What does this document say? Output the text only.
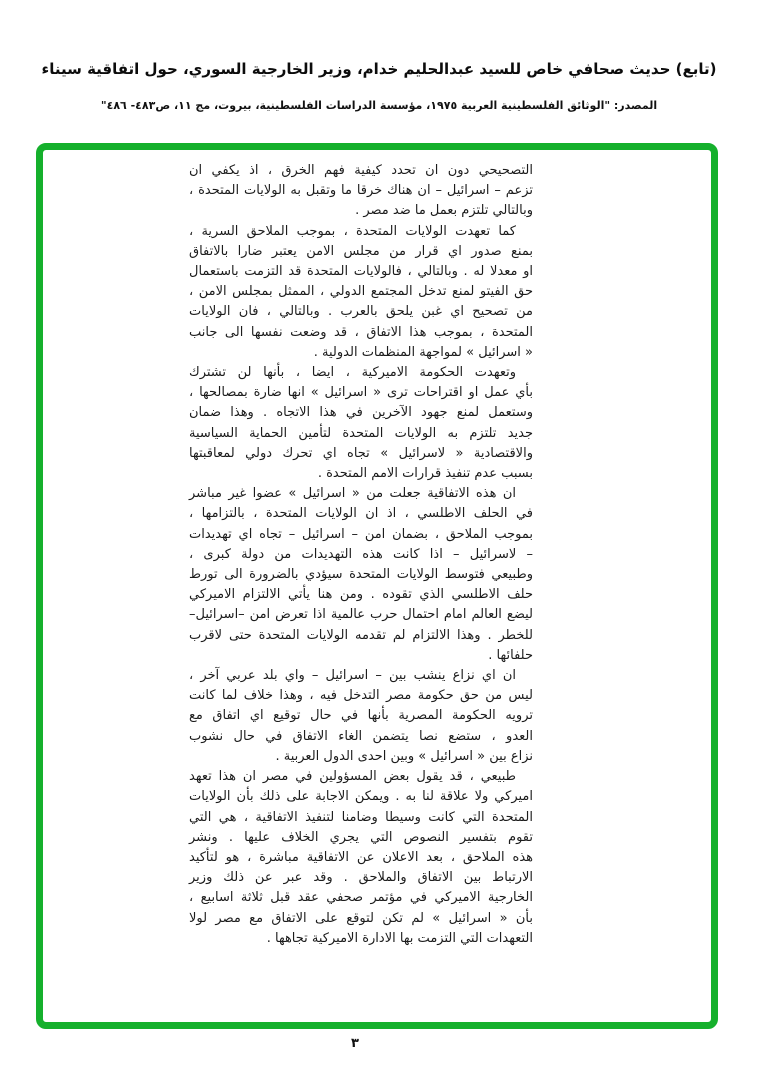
(تابع) حديث صحافي خاص للسيد عبدالحليم خدام، وزير الخارجية السوري، حول اتفاقية سيناء
المصدر: "الوثائق الفلسطينية العربية ١٩٧٥، مؤسسة الدراسات الفلسطينية، بيروت، مج ١١، ص٤٨٣- ٤٨٦"
التصحيحي دون ان تحدد كيفية فهم الخرق ، اذ يكفي ان
تزعم – اسرائيل – ان هناك خرقا ما وتقبل به الولايات المتحدة ،
وبالتالي تلتزم بعمل ما ضد مصر .
كما تعهدت الولايات المتحدة ، بموجب الملاحق السرية ،
بمنع صدور اي قرار من مجلس الامن يعتبر ضارا بالاتفاق
او معدلا له . وبالتالي ، فالولايات المتحدة قد التزمت باستعمال
حق الفيتو لمنع تدخل المجتمع الدولي ، الممثل بمجلس الامن ،
من تصحيح اي غبن يلحق بالعرب . وبالتالي ، فان الولايات
المتحدة ، بموجب هذا الاتفاق ، قد وضعت نفسها الى جانب
« اسرائيل » لمواجهة المنظمات الدولية .
وتعهدت الحكومة الاميركية ، ايضا ، بأنها لن تشترك
بأي عمل او اقتراحات ترى « اسرائيل » انها ضارة بمصالحها ،
وستعمل لمنع جهود الآخرين في هذا الاتجاه . وهذا ضمان
جديد تلتزم به الولايات المتحدة لتأمين الحماية السياسية
والاقتصادية « لاسرائيل » تجاه اي تحرك دولي لمعاقبتها
بسبب عدم تنفيذ قرارات الامم المتحدة .
ان هذه الاتفاقية جعلت من « اسرائيل » عضوا غير مباشر
في الحلف الاطلسي ، اذ ان الولايات المتحدة ، بالتزامها ،
بموجب الملاحق ، بضمان امن – اسرائيل – تجاه اي تهديدات
– لاسرائيل – اذا كانت هذه التهديدات من دولة كبرى ،
وطبيعي فتوسط الولايات المتحدة سيؤدي بالضرورة الى تورط
حلف الاطلسي الذي تقوده . ومن هنا يأتي الالتزام الاميركي
ليضع العالم امام احتمال حرب عالمية اذا تعرض امن –اسرائيل–
للخطر . وهذا الالتزام لم تقدمه الولايات المتحدة حتى لاقرب
حلفائها .
ان اي نزاع ينشب بين – اسرائيل – واي بلد عربي آخر ،
ليس من حق حكومة مصر التدخل فيه ، وهذا خلاف لما كانت
ترويه الحكومة المصرية بأنها في حال توقيع اي اتفاق مع
العدو ، ستضع نصا يتضمن الغاء الاتفاق في حال نشوب
نزاع بين « اسرائيل » وبين احدى الدول العربية .
طبيعي ، قد يقول بعض المسؤولين في مصر ان هذا تعهد
اميركي ولا علاقة لنا به . ويمكن الاجابة على ذلك بأن الولايات
المتحدة التي كانت وسيطا وضامنا لتنفيذ الاتفاقية ، هي التي
تقوم بتفسير النصوص التي يجري الخلاف عليها . ونشر
هذه الملاحق ، بعد الاعلان عن الاتفاقية مباشرة ، هو لتأكيد
الارتباط بين الاتفاق والملاحق . وقد عبر عن ذلك وزير
الخارجية الاميركي في مؤتمر صحفي عقد قبل ثلاثة اسابيع ،
بأن « اسرائيل » لم تكن لتوقع على الاتفاق مع مصر لولا
التعهدات التي التزمت بها الادارة الاميركية تجاهها .
٣
